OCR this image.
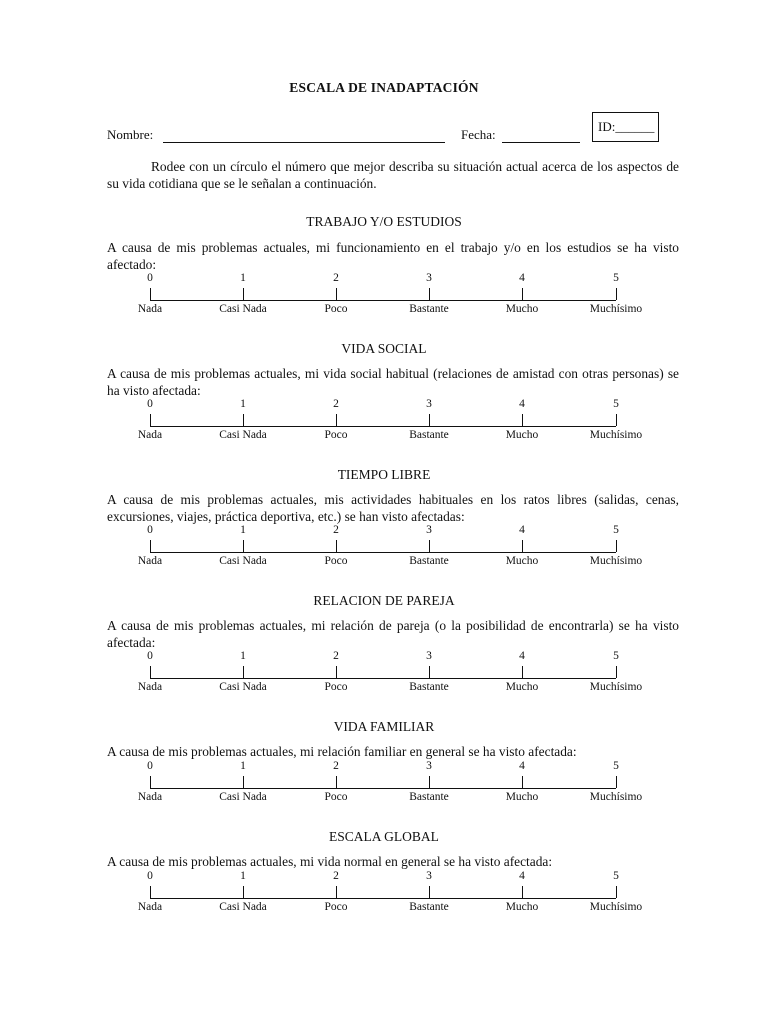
ESCALA DE INADAPTACIÓN
Nombre:	Fecha:
ID:______
Rodee con un círculo el número que mejor describa su situación actual acerca de los aspectos de su vida cotidiana que se le señalan a continuación.
TRABAJO Y/O ESTUDIOS
A causa de mis problemas actuales, mi funcionamiento en el trabajo y/o en los estudios se ha visto afectado:
0
Nada
1
Casi Nada
2
Poco
3
Bastante
4
Mucho
5
Muchísimo
VIDA SOCIAL
A causa de mis problemas actuales, mi vida social habitual (relaciones de amistad con otras personas) se ha visto afectada:
0
Nada
1
Casi Nada
2
Poco
3
Bastante
4
Mucho
5
Muchísimo
TIEMPO LIBRE
A causa de mis problemas actuales, mis actividades habituales en los ratos libres (salidas, cenas, excursiones, viajes, práctica deportiva, etc.) se han visto afectadas:
0
Nada
1
Casi Nada
2
Poco
3
Bastante
4
Mucho
5
Muchísimo
RELACION DE PAREJA
A causa de mis problemas actuales, mi relación de pareja (o la posibilidad de encontrarla) se ha visto afectada:
0
Nada
1
Casi Nada
2
Poco
3
Bastante
4
Mucho
5
Muchísimo
VIDA FAMILIAR
A causa de mis problemas actuales, mi relación familiar en general se ha visto afectada:
0
Nada
1
Casi Nada
2
Poco
3
Bastante
4
Mucho
5
Muchísimo
ESCALA GLOBAL
A causa de mis problemas actuales, mi vida normal en general se ha visto afectada:
0
Nada
1
Casi Nada
2
Poco
3
Bastante
4
Mucho
5
Muchísimo
